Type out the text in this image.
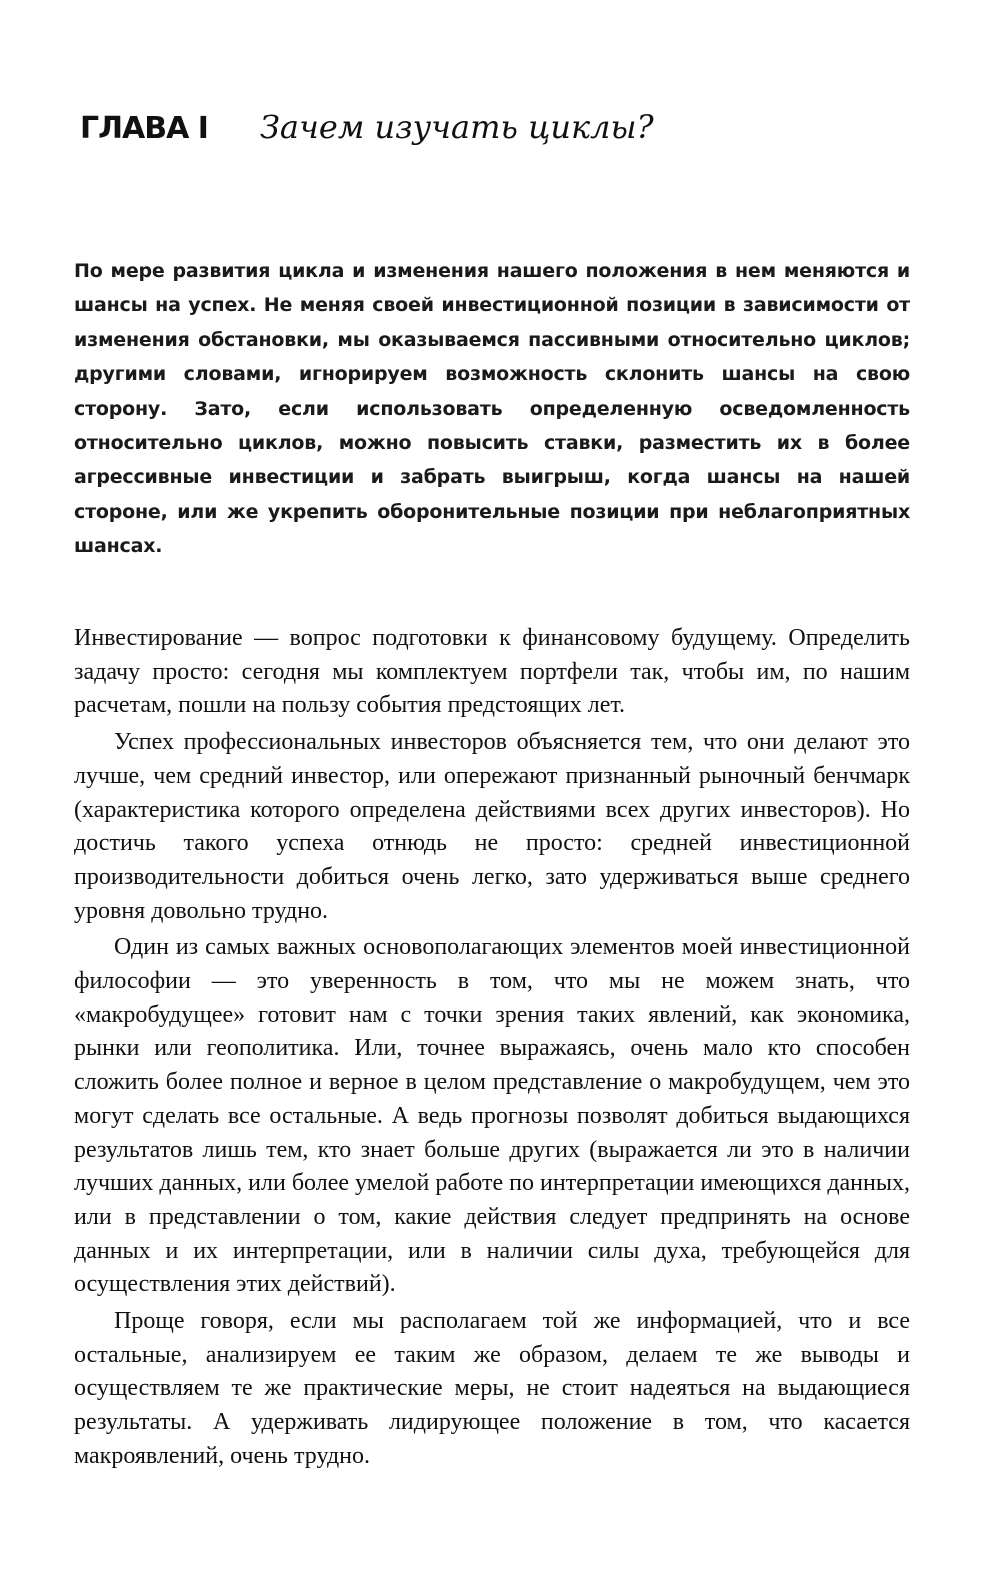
ГЛАВА I Зачем изучать циклы?

По мере развития цикла и изменения нашего положения в нем меняются и шансы на успех. Не меняя своей инвестиционной позиции в зависимости от изменения обстановки, мы оказываемся пассивными относительно циклов; другими словами, игнорируем возможность склонить шансы на свою сторону. Зато, если использовать определенную осведомленность относительно циклов, можно повысить ставки, разместить их в более агрессивные инвестиции и забрать выигрыш, когда шансы на нашей стороне, или же укрепить оборонительные позиции при неблагоприятных шансах.

Инвестирование — вопрос подготовки к финансовому будущему. Определить задачу просто: сегодня мы комплектуем портфели так, чтобы им, по нашим расчетам, пошли на пользу события предстоящих лет.

Успех профессиональных инвесторов объясняется тем, что они делают это лучше, чем средний инвестор, или опережают признанный рыночный бенчмарк (характеристика которого определена действиями всех других инвесторов). Но достичь такого успеха отнюдь не просто: средней инвестиционной производительности добиться очень легко, зато удерживаться выше среднего уровня довольно трудно.

Один из самых важных основополагающих элементов моей инвестиционной философии — это уверенность в том, что мы не можем знать, что «макробудущее» готовит нам с точки зрения таких явлений, как экономика, рынки или геополитика. Или, точнее выражаясь, очень мало кто способен сложить более полное и верное в целом представление о макробудущем, чем это могут сделать все остальные. А ведь прогнозы позволят добиться выдающихся результатов лишь тем, кто знает больше других (выражается ли это в наличии лучших данных, или более умелой работе по интерпретации имеющихся данных, или в представлении о том, какие действия следует предпринять на основе данных и их интерпретации, или в наличии силы духа, требующейся для осуществления этих действий).

Проще говоря, если мы располагаем той же информацией, что и все остальные, анализируем ее таким же образом, делаем те же выводы и осуществляем те же практические меры, не стоит надеяться на выдающиеся результаты. А удерживать лидирующее положение в том, что касается макроявлений, очень трудно.
